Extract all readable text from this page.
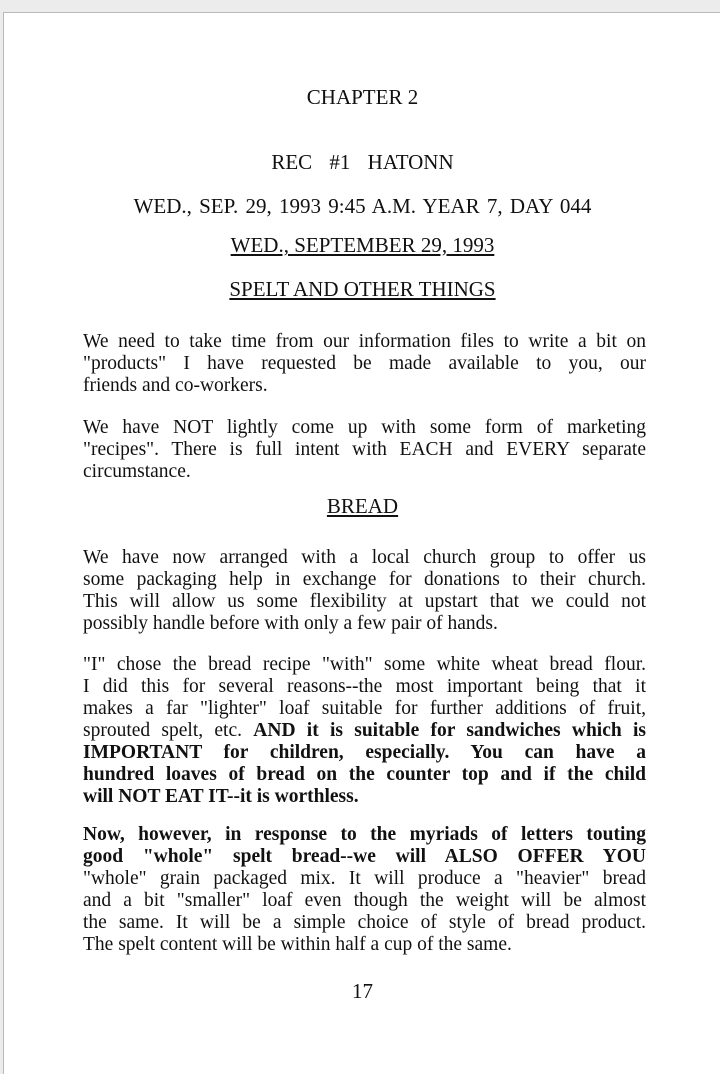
CHAPTER 2
REC #1 HATONN
WED., SEP. 29, 1993 9:45 A.M. YEAR 7, DAY 044
WED., SEPTEMBER 29, 1993
SPELT AND OTHER THINGS
We need to take time from our information files to write a bit on
"products" I have requested be made available to you, our
friends and co-workers.
We have NOT lightly come up with some form of marketing
"recipes". There is full intent with EACH and EVERY separate
circumstance.
BREAD
We have now arranged with a local church group to offer us
some packaging help in exchange for donations to their church.
This will allow us some flexibility at upstart that we could not
possibly handle before with only a few pair of hands.
"I" chose the bread recipe "with" some white wheat bread flour.
I did this for several reasons--the most important being that it
makes a far "lighter" loaf suitable for further additions of fruit,
sprouted spelt, etc. AND it is suitable for sandwiches which is
IMPORTANT for children, especially. You can have a
hundred loaves of bread on the counter top and if the child
will NOT EAT IT--it is worthless.
Now, however, in response to the myriads of letters touting
good "whole" spelt bread--we will ALSO OFFER YOU
"whole" grain packaged mix. It will produce a "heavier" bread
and a bit "smaller" loaf even though the weight will be almost
the same. It will be a simple choice of style of bread product.
The spelt content will be within half a cup of the same.
17
